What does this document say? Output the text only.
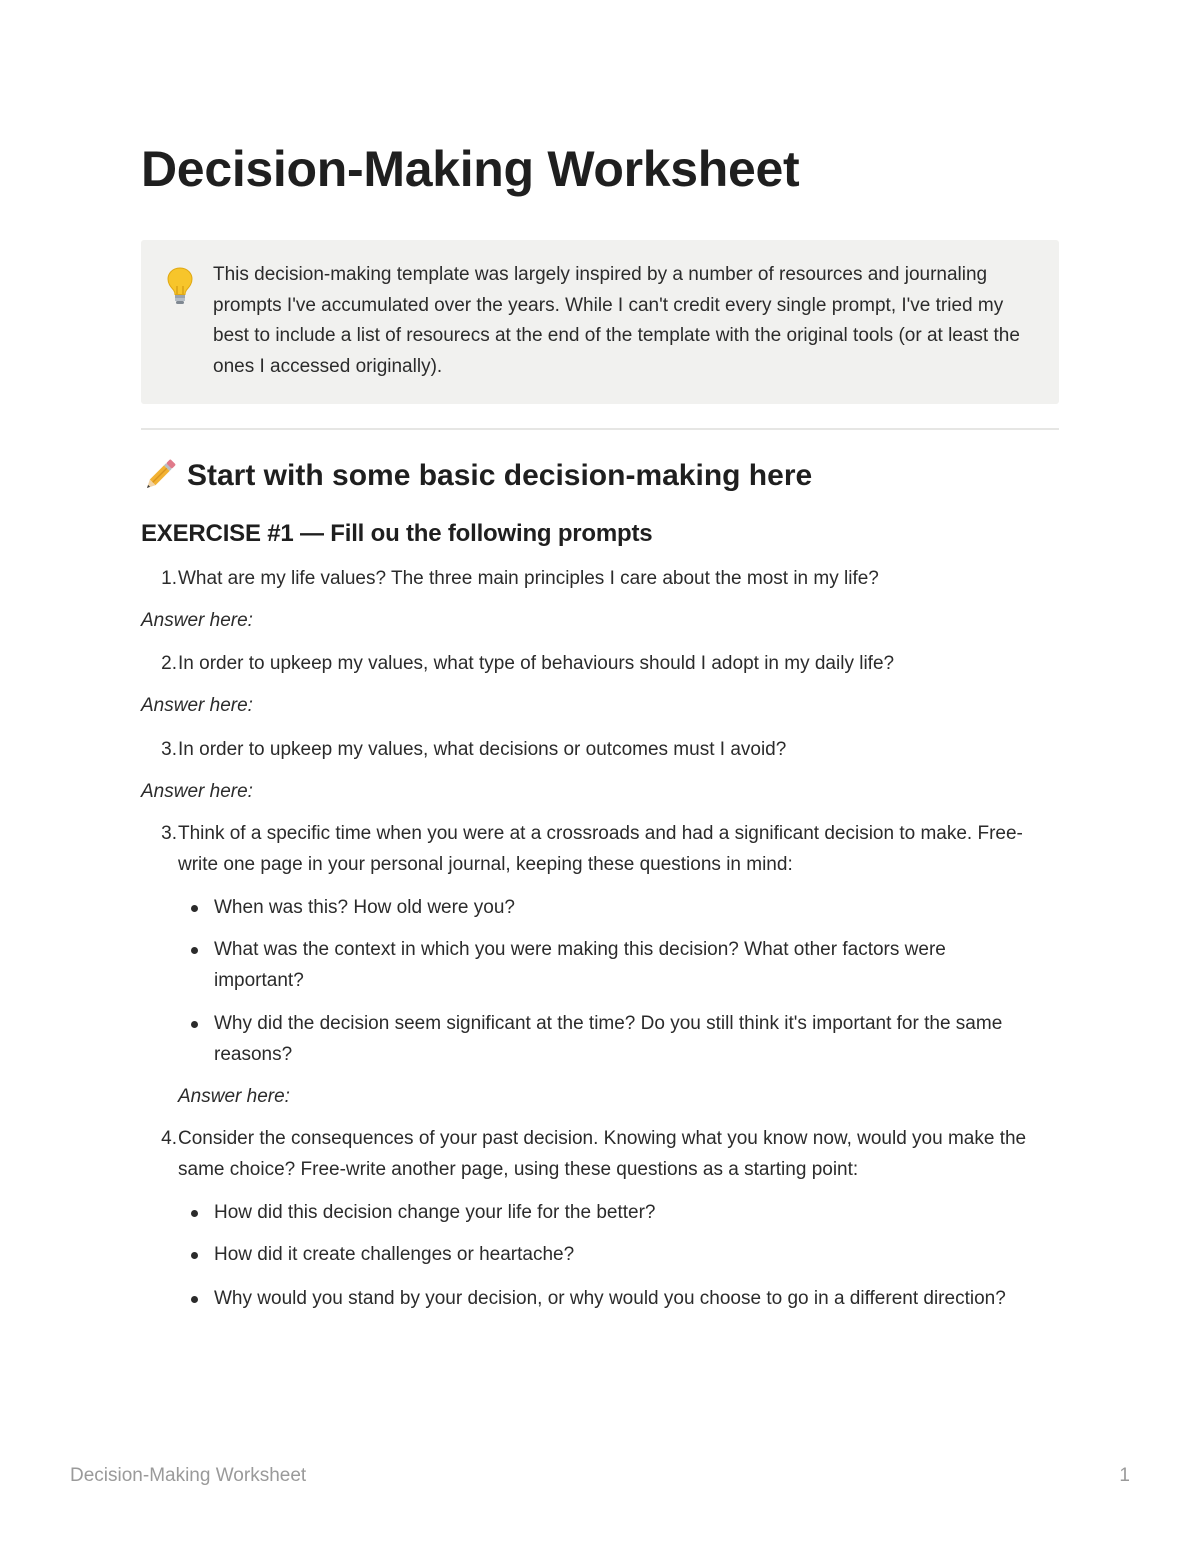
Decision-Making Worksheet

This decision-making template was largely inspired by a number of resources and journaling prompts I've accumulated over the years. While I can't credit every single prompt, I've tried my best to include a list of resourecs at the end of the template with the original tools (or at least the ones I accessed originally).

Start with some basic decision-making here
EXERCISE #1 — Fill ou the following prompts
1. What are my life values? The three main principles I care about the most in my life?

Answer here:

2. In order to upkeep my values, what type of behaviours should I adopt in my daily life?

Answer here:

3. In order to upkeep my values, what decisions or outcomes must I avoid?

Answer here:

3. Think of a specific time when you were at a crossroads and had a significant decision to make. Free-write one page in your personal journal, keeping these questions in mind:

When was this? How old were you?

What was the context in which you were making this decision? What other factors were important?

Why did the decision seem significant at the time? Do you still think it's important for the same reasons?

Answer here:

4. Consider the consequences of your past decision. Knowing what you know now, would you make the same choice? Free-write another page, using these questions as a starting point:

How did this decision change your life for the better?

How did it create challenges or heartache?

Why would you stand by your decision, or why would you choose to go in a different direction?

Decision-Making Worksheet	1
